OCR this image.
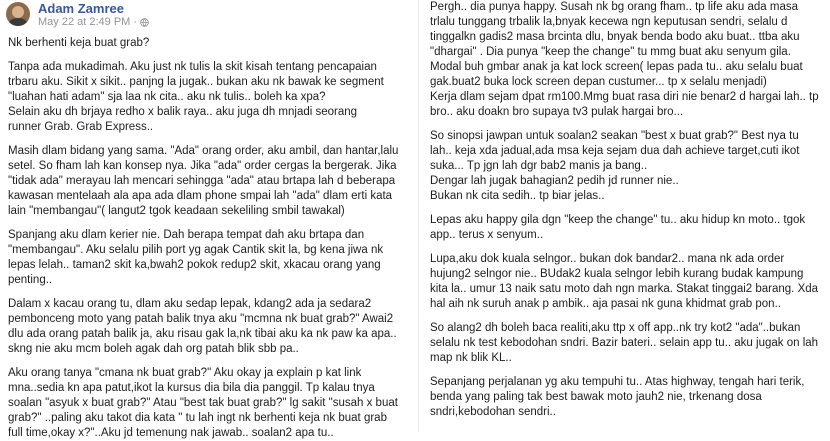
Adam Zamree
May 22 at 2:49 PM ·

Nk berhenti keja buat grab?

Tanpa ada mukadimah. Aku just nk tulis la skit kisah tentang pencapaian

trbaru aku. Sikit x sikit.. panjng la jugak.. bukan aku nk bawak ke segment

"luahan hati adam" sja laa nk cita.. aku nk tulis.. boleh ka xpa?

Selain aku dh brjaya redho x balik raya.. aku juga dh mnjadi seorang

runner Grab. Grab Express..

Masih dlam bidang yang sama. "Ada" orang order, aku ambil, dan hantar,lalu

setel. So fham lah kan konsep nya. Jika "ada" order cergas la bergerak. Jika

"tidak ada" merayau lah mencari sehingga "ada" atau brtapa lah d beberapa

kawasan mentelaah ala apa ada dlam phone smpai lah "ada" dlam erti kata

lain "membangau"( langut2 tgok keadaan sekeliling smbil tawakal)

Spanjang aku dlam kerier nie. Dah berapa tempat dah aku brtapa dan

"membangau". Aku selalu pilih port yg agak Cantik skit la, bg kena jiwa nk

lepas lelah.. taman2 skit ka,bwah2 pokok redup2 skit, xkacau orang yang

penting..

Dalam x kacau orang tu, dlam aku sedap lepak, kdang2 ada ja sedara2

pembonceng moto yang patah balik tnya aku "mcmna nk buat grab?" Awai2

dlu ada orang patah balik ja, aku risau gak la,nk tibai aku ka nk paw ka apa..

skng nie aku mcm boleh agak dah org patah blik sbb pa..

Aku orang tanya "cmana nk buat grab?" Aku okay ja explain p kat link

mna..sedia kn apa patut,ikot la kursus dia bila dia panggil. Tp kalau tnya

soalan "asyuk x buat grab?" Atau "best tak buat grab?" lg sakit "susah x buat

grab?" ..paling aku takot dia kata " tu lah ingt nk berhenti keja nk buat grab

full time,okay x?"..Aku jd temenung nak jawab.. soalan2 apa tu..

Pergh.. dia punya happy. Susah nk bg orang fham.. tp life aku ada masa

trlalu tunggang trbalik la,bnyak kecewa ngn keputusan sendri, selalu d

tinggalkn gadis2 masa brcinta dlu, bnyak benda bodo aku buat.. ttba aku

"dhargai" . Dia punya "keep the change" tu mmg buat aku senyum gila.

Modal buh gmbar anak ja kat lock screen( lepas pada tu.. aku selalu buat

gak.buat2 buka lock screen depan custumer... tp x selalu menjadi)

Kerja dlam sejam dpat rm100.Mmg buat rasa diri nie benar2 d hargai lah.. tp

bro.. aku doakn bro supaya tv3 pulak hargai bro...

So sinopsi jawpan untuk soalan2 seakan "best x buat grab?" Best nya tu

lah.. keja xda jadual,ada msa keja sejam dua dah achieve target,cuti ikot

suka... Tp jgn lah dgr bab2 manis ja bang..

Dengar lah jugak bahagian2 pedih jd runner nie..

Bukan nk cita sedih.. tp biar jelas..

Lepas aku happy gila dgn "keep the change" tu.. aku hidup kn moto.. tgok

app.. terus x senyum..

Lupa,aku dok kuala selngor.. bukan dok bandar2.. mana nk ada order

hujung2 selngor nie.. BUdak2 kuala selngor lebih kurang budak kampung

kita la.. umur 13 naik satu moto dah ngn marka. Stakat tinggai2 barang. Xda

hal aih nk suruh anak p ambik.. aja pasai nk guna khidmat grab pon..

So alang2 dh boleh baca realiti,aku ttp x off app..nk try kot2 "ada"..bukan

selalu nk test kebodohan sndri. Bazir bateri.. selain app tu.. aku jugak on lah

map nk blik KL..

Sepanjang perjalanan yg aku tempuhi tu.. Atas highway, tengah hari terik,

benda yang paling tak best bawak moto jauh2 nie, trkenang dosa

sndri,kebodohan sendri..
